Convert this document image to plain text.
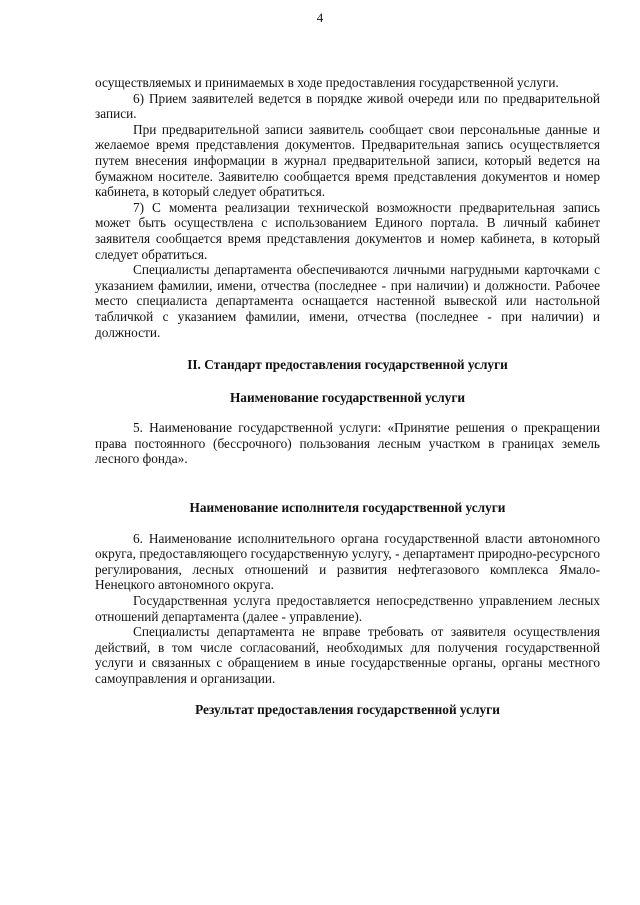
4

осуществляемых и принимаемых в ходе предоставления государственной услуги.

6) Прием заявителей ведется в порядке живой очереди или по предварительной записи.

При предварительной записи заявитель сообщает свои персональные данные и желаемое время представления документов. Предварительная запись осуществляется путем внесения информации в журнал предварительной записи, который ведется на бумажном носителе. Заявителю сообщается время представления документов и номер кабинета, в который следует обратиться.

7) С момента реализации технической возможности предварительная запись может быть осуществлена с использованием Единого портала. В личный кабинет заявителя сообщается время представления документов и номер кабинета, в который следует обратиться.

Специалисты департамента обеспечиваются личными нагрудными карточками с указанием фамилии, имени, отчества (последнее - при наличии) и должности. Рабочее место специалиста департамента оснащается настенной вывеской или настольной табличкой с указанием фамилии, имени, отчества (последнее - при наличии) и должности.

II. Стандарт предоставления государственной услуги

Наименование государственной услуги

5. Наименование государственной услуги: «Принятие решения о прекращении права постоянного (бессрочного) пользования лесным участком в границах земель лесного фонда».

Наименование исполнителя государственной услуги

6. Наименование исполнительного органа государственной власти автономного округа, предоставляющего государственную услугу, - департамент природно-ресурсного регулирования, лесных отношений и развития нефтегазового комплекса Ямало-Ненецкого автономного округа.

Государственная услуга предоставляется непосредственно управлением лесных отношений департамента (далее - управление).

Специалисты департамента не вправе требовать от заявителя осуществления действий, в том числе согласований, необходимых для получения государственной услуги и связанных с обращением в иные государственные органы, органы местного самоуправления и организации.

Результат предоставления государственной услуги
